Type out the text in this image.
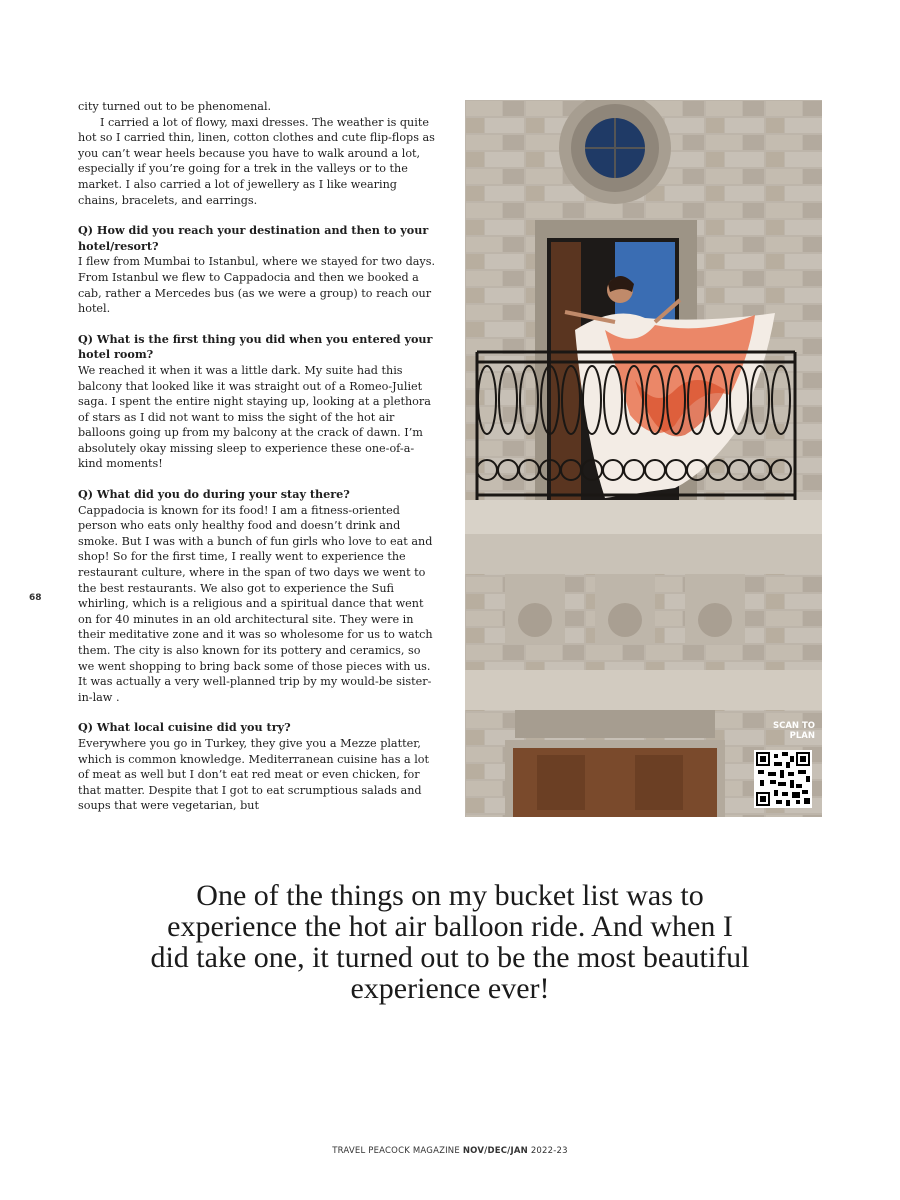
city turned out to be phenomenal.

I carried a lot of flowy, maxi dresses. The weather is quite hot so I carried thin, linen, cotton clothes and cute flip-flops as you can’t wear heels because you have to walk around a lot, especially if you’re going for a trek in the valleys or to the market. I also carried a lot of jewellery as I like wearing chains, bracelets, and earrings.

Q) How did you reach your destination and then to your hotel/resort?

I flew from Mumbai to Istanbul, where we stayed for two days. From Istanbul we flew to Cappadocia and then we booked a cab, rather a Mercedes bus (as we were a group) to reach our hotel.

Q) What is the first thing you did when you entered your hotel room?

We reached it when it was a little dark. My suite had this balcony that looked like it was straight out of a Romeo-Juliet saga. I spent the entire night staying up, looking at a plethora of stars as I did not want to miss the sight of the hot air balloons going up from my balcony at the crack of dawn. I’m absolutely okay missing sleep to experience these one-of-a-kind moments!

Q) What did you do during your stay there?

Cappadocia is known for its food! I am a fitness-oriented person who eats only healthy food and doesn’t drink and smoke. But I was with a bunch of fun girls who love to eat and shop! So for the first time, I really went to experience the restaurant culture, where in the span of two days we went to the best restaurants. We also got to experience the Sufi whirling, which is a religious and a spiritual dance that went on for 40 minutes in an old architectural site. They were in their meditative zone and it was so wholesome for us to watch them. The city is also known for its pottery and ceramics, so we went shopping to bring back some of those pieces with us. It was actually a very well-planned trip by my would-be sister-in-law .

Q) What local cuisine did you try?

Everywhere you go in Turkey, they give you a Mezze platter, which is common knowledge. Mediterranean cuisine has a lot of meat as well but I don’t eat red meat or even chicken, for that matter. Despite that I got to eat scrumptious salads and soups that were vegetarian, but

68
SCAN TO
PLAN
One of the things on my bucket list was to experience the hot air balloon ride. And when I did take one, it turned out to be the most beautiful experience ever!
TRAVEL PEACOCK MAGAZINE NOV/DEC/JAN 2022-23
